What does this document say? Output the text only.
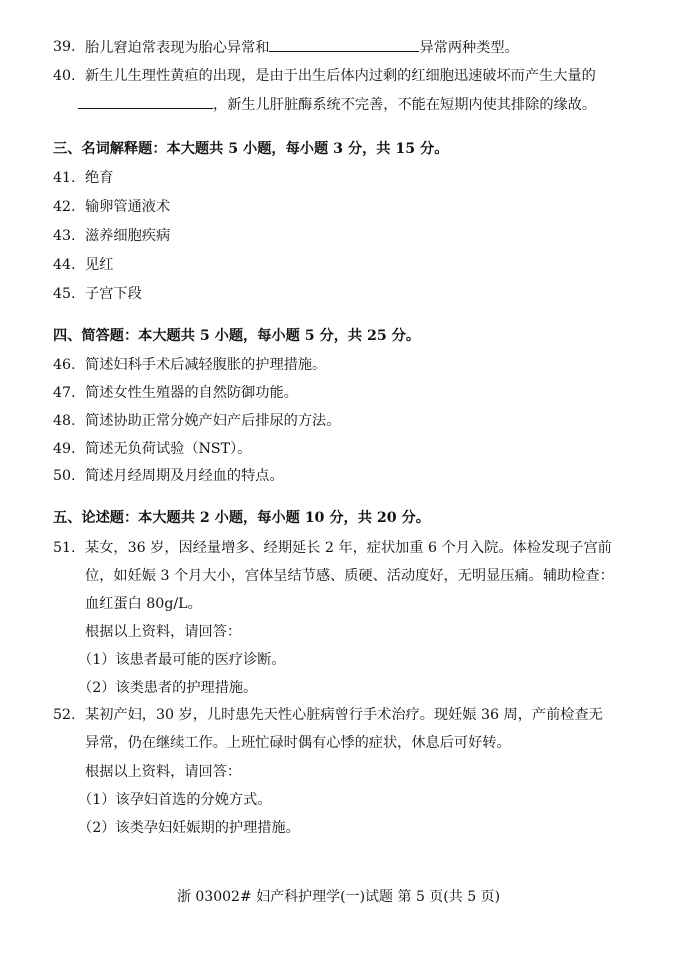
39. 胎儿窘迫常表现为胎心异常和	异常两种类型。
40. 新生儿生理性黄疸的出现，是由于出生后体内过剩的红细胞迅速破坏而产生大量的
，新生儿肝脏酶系统不完善，不能在短期内使其排除的缘故。
三、名词解释题：本大题共 5 小题，每小题 3 分，共 15 分。
41. 绝育
42. 输卵管通液术
43. 滋养细胞疾病
44. 见红
45. 子宫下段
四、简答题：本大题共 5 小题，每小题 5 分，共 25 分。
46. 简述妇科手术后减轻腹胀的护理措施。
47. 简述女性生殖器的自然防御功能。
48. 简述协助正常分娩产妇产后排尿的方法。
49. 简述无负荷试验（NST）。
50. 简述月经周期及月经血的特点。
五、论述题：本大题共 2 小题，每小题 10 分，共 20 分。
51. 某女，36 岁，因经量增多、经期延长 2 年，症状加重 6 个月入院。体检发现子宫前
位，如妊娠 3 个月大小，宫体呈结节感、质硬、活动度好，无明显压痛。辅助检查：
血红蛋白 80g/L。
根据以上资料，请回答：
（1）该患者最可能的医疗诊断。
（2）该类患者的护理措施。
52. 某初产妇，30 岁，儿时患先天性心脏病曾行手术治疗。现妊娠 36 周，产前检查无
异常，仍在继续工作。上班忙碌时偶有心悸的症状，休息后可好转。
根据以上资料，请回答：
（1）该孕妇首选的分娩方式。
（2）该类孕妇妊娠期的护理措施。
浙 03002# 妇产科护理学(一)试题 第 5 页(共 5 页)
